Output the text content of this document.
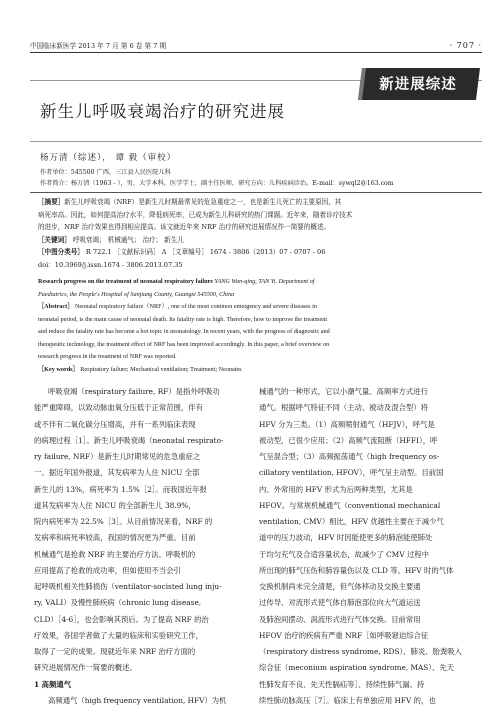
中国临床新医学 2013 年 7 月 第 6 卷 第 7 期	· 707 ·
新进展综述
新生儿呼吸衰竭治疗的研究进展
杨万清（综述）， 谭 毅（审校）
作者单位：545500 广西，三江县人民医院儿科
作者简介：杨万清（1963 - ），男，大学本科，医学学士，副主任医师，研究方向：儿科疾病诊治。E-mail：sywql2@163.com
［摘要］新生儿呼吸衰竭（NRF）是新生儿时期最常见的危急重症之一，也是新生儿死亡的主要原因，其
病死率高。因此，如何提高治疗水平，降低病死率，已成为新生儿科研究的热门课题。近年来，随着诊疗技术
的进步，NRF 治疗效果也得到相应提高。该文就近年来 NRF 治疗的研究进展情况作一简要的概述。
［关键词］ 呼吸衰竭； 机械通气； 治疗； 新生儿
［中图分类号］ R 722.1 ［文献标识码］ A ［文章编号］ 1674 - 3806（2013）07 - 0707 - 06
doi：10.3969/j.issn.1674 - 3806.2013.07.35
Research progress on the treatment of neonatal respiratory failure YANG Wan-qing, TAN Yi. Department of
Paediatrics, the People's Hospital of Sanjiang County, Guangxi 545500, China
［Abstract］ Neonatal respiratory failure（NRF）, one of the most common emergency and severe diseases in
neonatal period, is the main cause of neonatal death. Its fatality rate is high. Therefore, how to improve the treatment
and reduce the fatality rate has become a hot topic in neonatology. In recent years, with the progress of diagnostic and
therapeutic technology, the treatment effect of NRF has been improved accordingly. In this paper, a brief overview on
research progress in the treatment of NRF was reported.
［Key words］ Respiratory failure; Mechanical ventilation; Treatment; Neonates
呼吸衰竭（respiratory failure, RF）是指外呼吸功
能严重障碍，以致动脉血氧分压低于正常范围，伴有
或不伴有二氧化碳分压增高，并有一系列临床表现
的病理过程［1］。新生儿呼吸衰竭（neonatal respirato-
ry failure, NRF）是新生儿时期常见的危急重症之
一。据近年国外报道，其发病率为人住 NICU 全部
新生儿的 13%，病死率为 1.5%［2］。而我国近年报
道其发病率为人住 NICU 的全部新生儿 38.9%，
院内病死率为 22.5%［3］。从目前情况来看，NRF 的
发病率和病死率较高，我国的情况更为严重。目前
机械通气是抢救 NRF 的主要治疗方法。呼吸机的
应用提高了抢救的成功率，但如使用不当会引
起呼吸机相关性肺损伤（ventilator-socisted lung inju-
ry, VALI）及慢性肺疾病（chronic lung disease,
CLD）［4-6］，也会影响其预后。为了提高 NRF 的治
疗效果，各国学者做了大量的临床和实验研究工作，
取得了一定的成果。现就近年来 NRF 治疗方面的
研究进展情况作一简要的概述。
1 高频通气
高频通气（high frequency ventilation, HFV）为机
械通气的一种形式，它以小潮气量、高频率方式进行
通气。根据呼气特征不同（主动、被动及混合型）将
HFV 分为三类。（1）高频喷射通气（HFJV），呼气是
被动型，已很少应用；（2）高频气流阻断（HFFI），呼
气呈混合型；（3）高频振荡通气（high frequency os-
cillatory ventilation, HFOV），呼气呈主动型。目前国
内、外常用的 HFV 形式为后两种类型，尤其是
HFOV。与常规机械通气（conventional mechanical
ventilation, CMV）相比，HFV 优越性主要在于减少气
道中的压力波动，HFV 时因能使更多的肺泡能使肺处
于均匀充气及合适容量状态，故减少了 CMV 过程中
所出现的肺气压伤和肺容量伤以及 CLD 等。HFV 时的气体
交换机制尚未完全清楚，但气体移动及交换主要通
过传导、对流形式使气体自肺泡部位向大气道运送
及肺泡间摆动、涡流形式进行气体交换。目前常用
HFOV 治疗的疾病有严重 NRF［如呼吸窘迫综合征
（respiratory distress syndrome, RDS）、肺炎、胎粪吸入
综合征（meconium aspiration syndrome, MAS）、先天
性肺发育不良、先天性膈疝等］、持续性肺气漏、持
续性肺动脉高压［7］。临床上有单独应用 HFV 的，也
